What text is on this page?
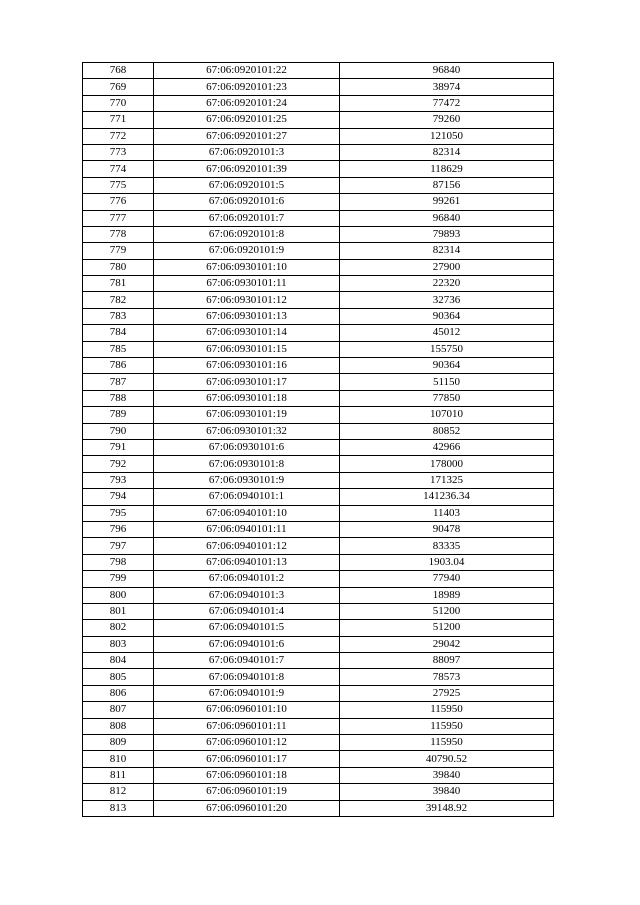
768	67:06:0920101:22	96840
769	67:06:0920101:23	38974
770	67:06:0920101:24	77472
771	67:06:0920101:25	79260
772	67:06:0920101:27	121050
773	67:06:0920101:3	82314
774	67:06:0920101:39	118629
775	67:06:0920101:5	87156
776	67:06:0920101:6	99261
777	67:06:0920101:7	96840
778	67:06:0920101:8	79893
779	67:06:0920101:9	82314
780	67:06:0930101:10	27900
781	67:06:0930101:11	22320
782	67:06:0930101:12	32736
783	67:06:0930101:13	90364
784	67:06:0930101:14	45012
785	67:06:0930101:15	155750
786	67:06:0930101:16	90364
787	67:06:0930101:17	51150
788	67:06:0930101:18	77850
789	67:06:0930101:19	107010
790	67:06:0930101:32	80852
791	67:06:0930101:6	42966
792	67:06:0930101:8	178000
793	67:06:0930101:9	171325
794	67:06:0940101:1	141236.34
795	67:06:0940101:10	11403
796	67:06:0940101:11	90478
797	67:06:0940101:12	83335
798	67:06:0940101:13	1903.04
799	67:06:0940101:2	77940
800	67:06:0940101:3	18989
801	67:06:0940101:4	51200
802	67:06:0940101:5	51200
803	67:06:0940101:6	29042
804	67:06:0940101:7	88097
805	67:06:0940101:8	78573
806	67:06:0940101:9	27925
807	67:06:0960101:10	115950
808	67:06:0960101:11	115950
809	67:06:0960101:12	115950
810	67:06:0960101:17	40790.52
811	67:06:0960101:18	39840
812	67:06:0960101:19	39840
813	67:06:0960101:20	39148.92
